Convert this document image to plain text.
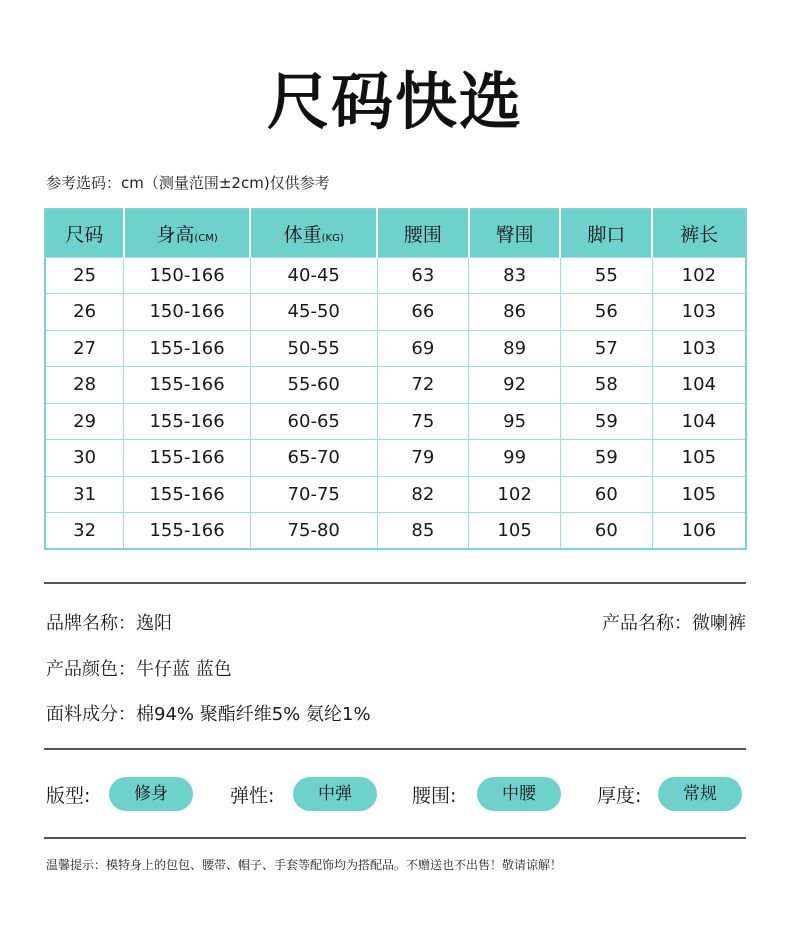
尺码快选
参考选码：cm（测量范围±2cm)仅供参考
尺码	身高(CM)	体重(KG)	腰围	臀围	脚口	裤长
25	150-166	40-45	63	83	55	102
26	150-166	45-50	66	86	56	103
27	155-166	50-55	69	89	57	103
28	155-166	55-60	72	92	58	104
29	155-166	60-65	75	95	59	104
30	155-166	65-70	79	99	59	105
31	155-166	70-75	82	102	60	105
32	155-166	75-80	85	105	60	106
品牌名称：逸阳	产品名称：微喇裤
产品颜色：牛仔蓝 蓝色
面料成分：棉94% 聚酯纤维5% 氨纶1%
版型:	修身	弹性:	中弹	腰围:	中腰	厚度:	常规
温馨提示：模特身上的包包、腰带、帽子、手套等配饰均为搭配品。不赠送也不出售！敬请谅解！
